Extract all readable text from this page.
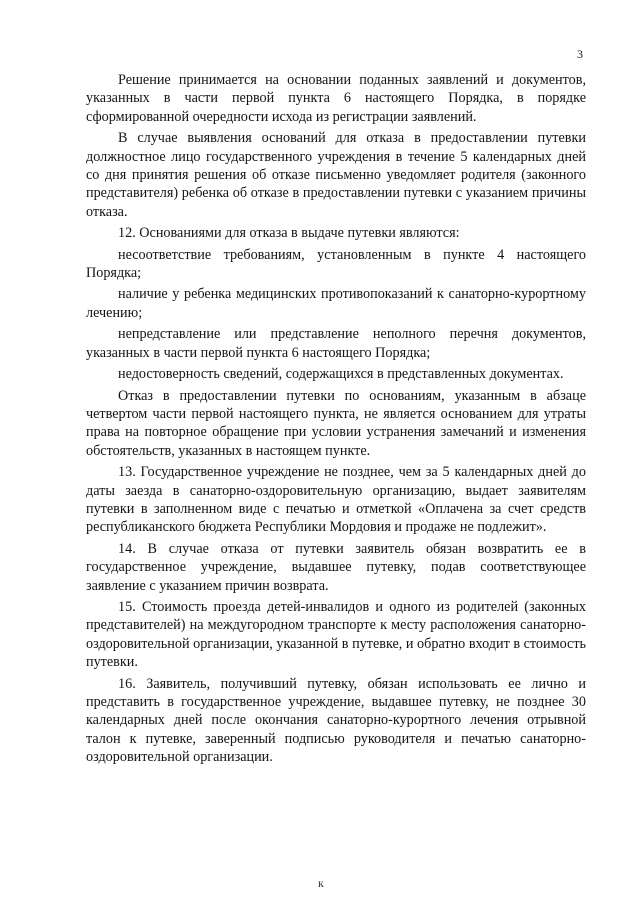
3

Решение принимается на основании поданных заявлений и документов, указанных в части первой пункта 6 настоящего Порядка, в порядке сформированной очередности исхода из регистрации заявлений.

В случае выявления оснований для отказа в предоставлении путевки должностное лицо государственного учреждения в течение 5 календарных дней со дня принятия решения об отказе письменно уведомляет родителя (законного представителя) ребенка об отказе в предоставлении путевки с указанием причины отказа.

12. Основаниями для отказа в выдаче путевки являются:

несоответствие требованиям, установленным в пункте 4 настоящего Порядка;

наличие у ребенка медицинских противопоказаний к санаторно-курортному лечению;

непредставление или представление неполного перечня документов, указанных в части первой пункта 6 настоящего Порядка;

недостоверность сведений, содержащихся в представленных документах.

Отказ в предоставлении путевки по основаниям, указанным в абзаце четвертом части первой настоящего пункта, не является основанием для утраты права на повторное обращение при условии устранения замечаний и изменения обстоятельств, указанных в настоящем пункте.

13. Государственное учреждение не позднее, чем за 5 календарных дней до даты заезда в санаторно-оздоровительную организацию, выдает заявителям путевки в заполненном виде с печатью и отметкой «Оплачена за счет средств республиканского бюджета Республики Мордовия и продаже не подлежит».

14. В случае отказа от путевки заявитель обязан возвратить ее в государственное учреждение, выдавшее путевку, подав соответствующее заявление с указанием причин возврата.

15. Стоимость проезда детей-инвалидов и одного из родителей (законных представителей) на междугородном транспорте к месту расположения санаторно-оздоровительной организации, указанной в путевке, и обратно входит в стоимость путевки.

16. Заявитель, получивший путевку, обязан использовать ее лично и представить в государственное учреждение, выдавшее путевку, не позднее 30 календарных дней после окончания санаторно-курортного лечения отрывной талон к путевке, заверенный подписью руководителя и печатью санаторно-оздоровительной организации.

к
